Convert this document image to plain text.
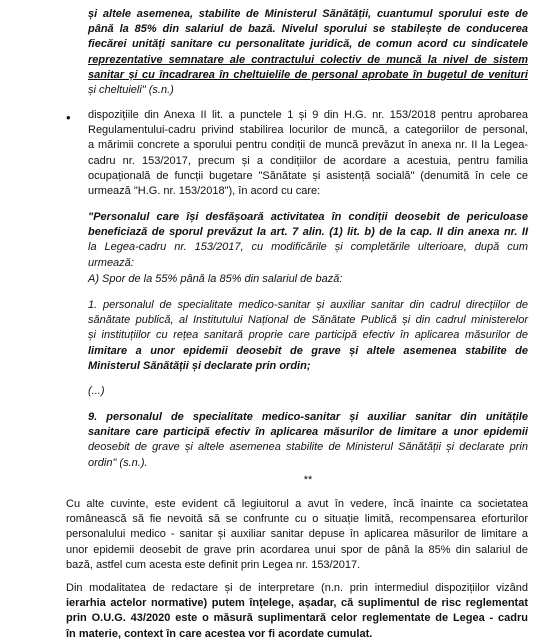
și altele asemenea, stabilite de Ministerul Sănătății, cuantumul sporului este de
până la 85% din salariul de bază. Nivelul sporului se stabilește de conducerea
fiecărei unități sanitare cu personalitate juridică, de comun acord cu sindicatele
reprezentative semnatare ale contractului colectiv de muncă la nivel de sistem
sanitar și cu încadrarea în cheltuielile de personal aprobate în bugetul de venituri
și cheltuieli" (s.n.)
• dispozițiile din Anexa II lit. a punctele 1 și 9 din H.G. nr. 153/2018 pentru aprobarea
Regulamentului-cadru privind stabilirea locurilor de muncă, a categoriilor de personal,
a mărimii concrete a sporului pentru condiții de muncă prevăzut în anexa nr. II la Legea-
cadru nr. 153/2017, precum și a condițiilor de acordare a acestuia, pentru familia
ocupațională de funcții bugetare "Sănătate și asistență socială" (denumită în cele ce
urmează "H.G. nr. 153/2018"), în acord cu care:
"Personalul care își desfășoară activitatea în condiții deosebit de periculoase
beneficiază de sporul prevăzut la art. 7 alin. (1) lit. b) de la cap. II din anexa nr. II
la Legea-cadru nr. 153/2017, cu modificările și completările ulterioare, după cum
urmează:
A) Spor de la 55% până la 85% din salariul de bază:
1. personalul de specialitate medico-sanitar și auxiliar sanitar din cadrul direcțiilor de
sănătate publică, al Institutului Național de Sănătate Publică și din cadrul ministerelor
și instituțiilor cu rețea sanitară proprie care participă efectiv în aplicarea măsurilor de
limitare a unor epidemii deosebit de grave și altele asemenea stabilite de
Ministerul Sănătății și declarate prin ordin;
(...)
9. personalul de specialitate medico-sanitar și auxiliar sanitar din unitățile
sanitare care participă efectiv în aplicarea măsurilor de limitare a unor epidemii
deosebit de grave și altele asemenea stabilite de Ministerul Sănătății și declarate prin
ordin" (s.n.).
**
Cu alte cuvinte, este evident că legiuitorul a avut în vedere, încă înainte ca societatea
românească să fie nevoită să se confrunte cu o situație limită, recompensarea eforturilor
personalului medico - sanitar și auxiliar sanitar depuse în aplicarea măsurilor de limitare a
unor epidemii deosebit de grave prin acordarea unui spor de până la 85% din salariul de
bază, astfel cum acesta este definit prin Legea nr. 153/2017.
Din modalitatea de redactare și de interpretare (n.n. prin intermediul dispozițiilor vizând
ierarhia actelor normative) putem înțelege, așadar, că suplimentul de risc reglementat
prin O.U.G. 43/2020 este o măsură suplimentară celor reglementate de Legea - cadru
în materie, context în care acestea vor fi acordate cumulat.
